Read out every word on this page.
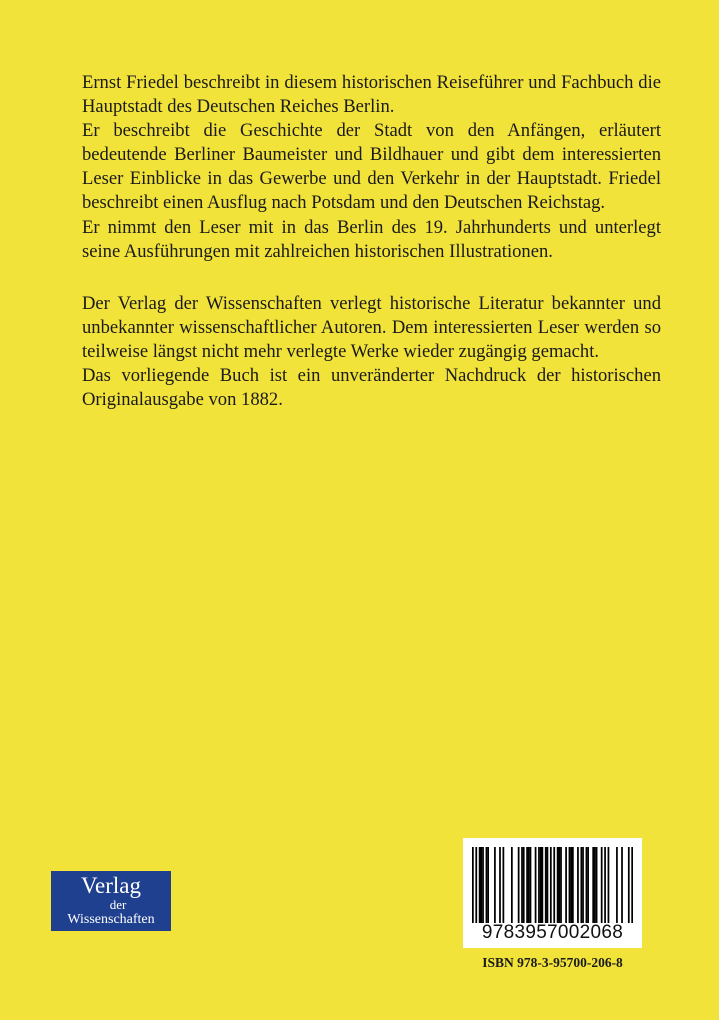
Ernst Friedel beschreibt in diesem historischen Reiseführer und Fachbuch die Hauptstadt des Deutschen Reiches Berlin.

Er beschreibt die Geschichte der Stadt von den Anfängen, erläutert bedeutende Berliner Baumeister und Bildhauer und gibt dem interessierten Leser Einblicke in das Gewerbe und den Verkehr in der Hauptstadt. Friedel beschreibt einen Ausflug nach Potsdam und den Deutschen Reichstag.

Er nimmt den Leser mit in das Berlin des 19. Jahrhunderts und unterlegt seine Ausführungen mit zahlreichen historischen Illustrationen.

Der Verlag der Wissenschaften verlegt historische Literatur bekannter und unbekannter wissenschaftlicher Autoren. Dem interessierten Leser werden so teilweise längst nicht mehr verlegte Werke wieder zugängig gemacht.

Das vorliegende Buch ist ein unveränderter Nachdruck der historischen Originalausgabe von 1882.

Verlag
der
Wissenschaften
9783957002068
ISBN 978-3-95700-206-8
